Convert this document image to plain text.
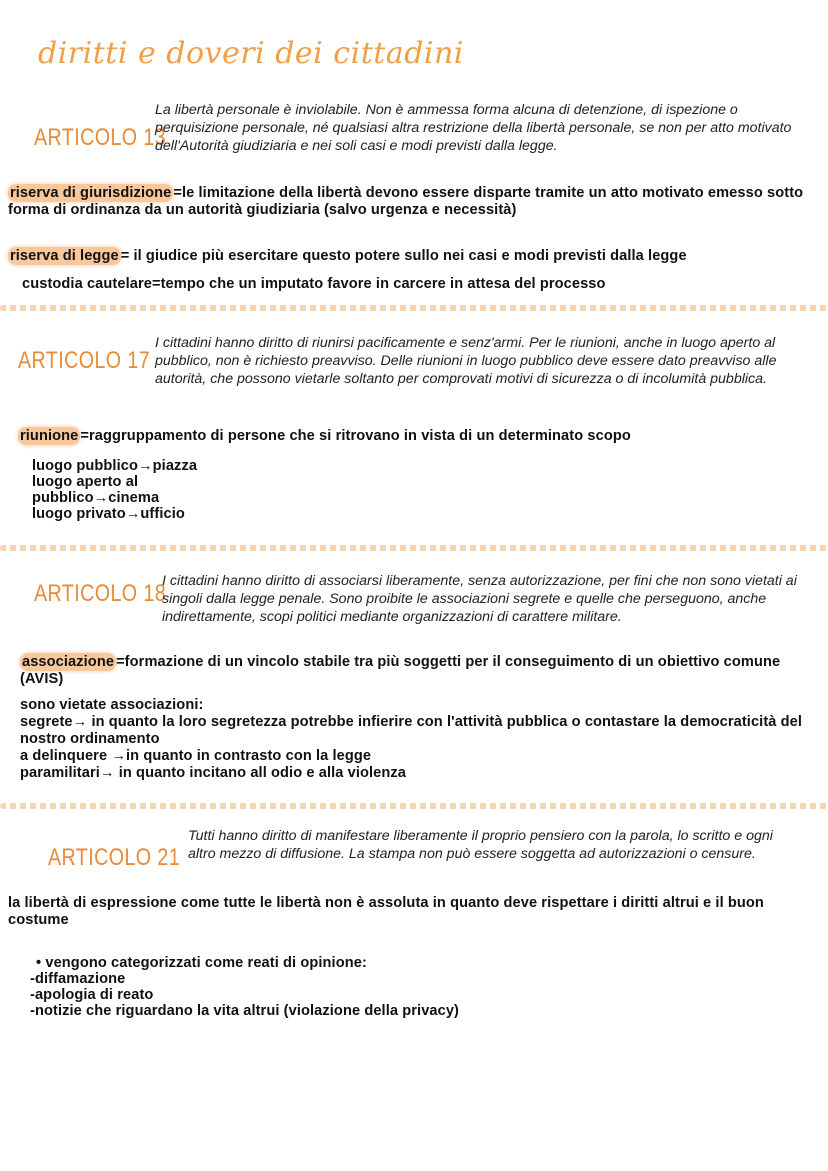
diritti e doveri dei cittadini
ARTICOLO 13
La libertà personale è inviolabile. Non è ammessa forma alcuna di detenzione, di ispezione o perquisizione personale, né qualsiasi altra restrizione della libertà personale, se non per atto motivato dell'Autorità giudiziaria e nei soli casi e modi previsti dalla legge.
riserva di giurisdizione =le limitazione della libertà devono essere disparte tramite un atto motivato emesso sotto forma di ordinanza da un autorità giudiziaria (salvo urgenza e necessità)
riserva di legge = il giudice più esercitare questo potere sullo nei casi e modi previsti dalla legge
custodia cautelare=tempo che un imputato favore in carcere in attesa del processo
ARTICOLO 17
I cittadini hanno diritto di riunirsi pacificamente e senz'armi. Per le riunioni, anche in luogo aperto al pubblico, non è richiesto preavviso. Delle riunioni in luogo pubblico deve essere dato preavviso alle autorità, che possono vietarle soltanto per comprovati motivi di sicurezza o di incolumità pubblica.
riunione =raggruppamento di persone che si ritrovano in vista di un determinato scopo
luogo pubblico→piazza
luogo aperto al
pubblico→cinema
luogo privato→ufficio
ARTICOLO 18
I cittadini hanno diritto di associarsi liberamente, senza autorizzazione, per fini che non sono vietati ai singoli dalla legge penale. Sono proibite le associazioni segrete e quelle che perseguono, anche indirettamente, scopi politici mediante organizzazioni di carattere militare.
associazione =formazione di un vincolo stabile tra più soggetti per il conseguimento di un obiettivo comune (AVIS)
sono vietate associazioni:
segrete→ in quanto la loro segretezza potrebbe infierire con l'attività pubblica o contastare la democraticità del nostro ordinamento
a delinquere →in quanto in contrasto con la legge
paramilitari→ in quanto incitano all odio e alla violenza
ARTICOLO 21
Tutti hanno diritto di manifestare liberamente il proprio pensiero con la parola, lo scritto e ogni altro mezzo di diffusione. La stampa non può essere soggetta ad autorizzazioni o censure.
la libertà di espressione come tutte le libertà non è assoluta in quanto deve rispettare i diritti altrui e il buon costume
• vengono categorizzati come reati di opinione:
-diffamazione
-apologia di reato
-notizie che riguardano la vita altrui (violazione della privacy)
